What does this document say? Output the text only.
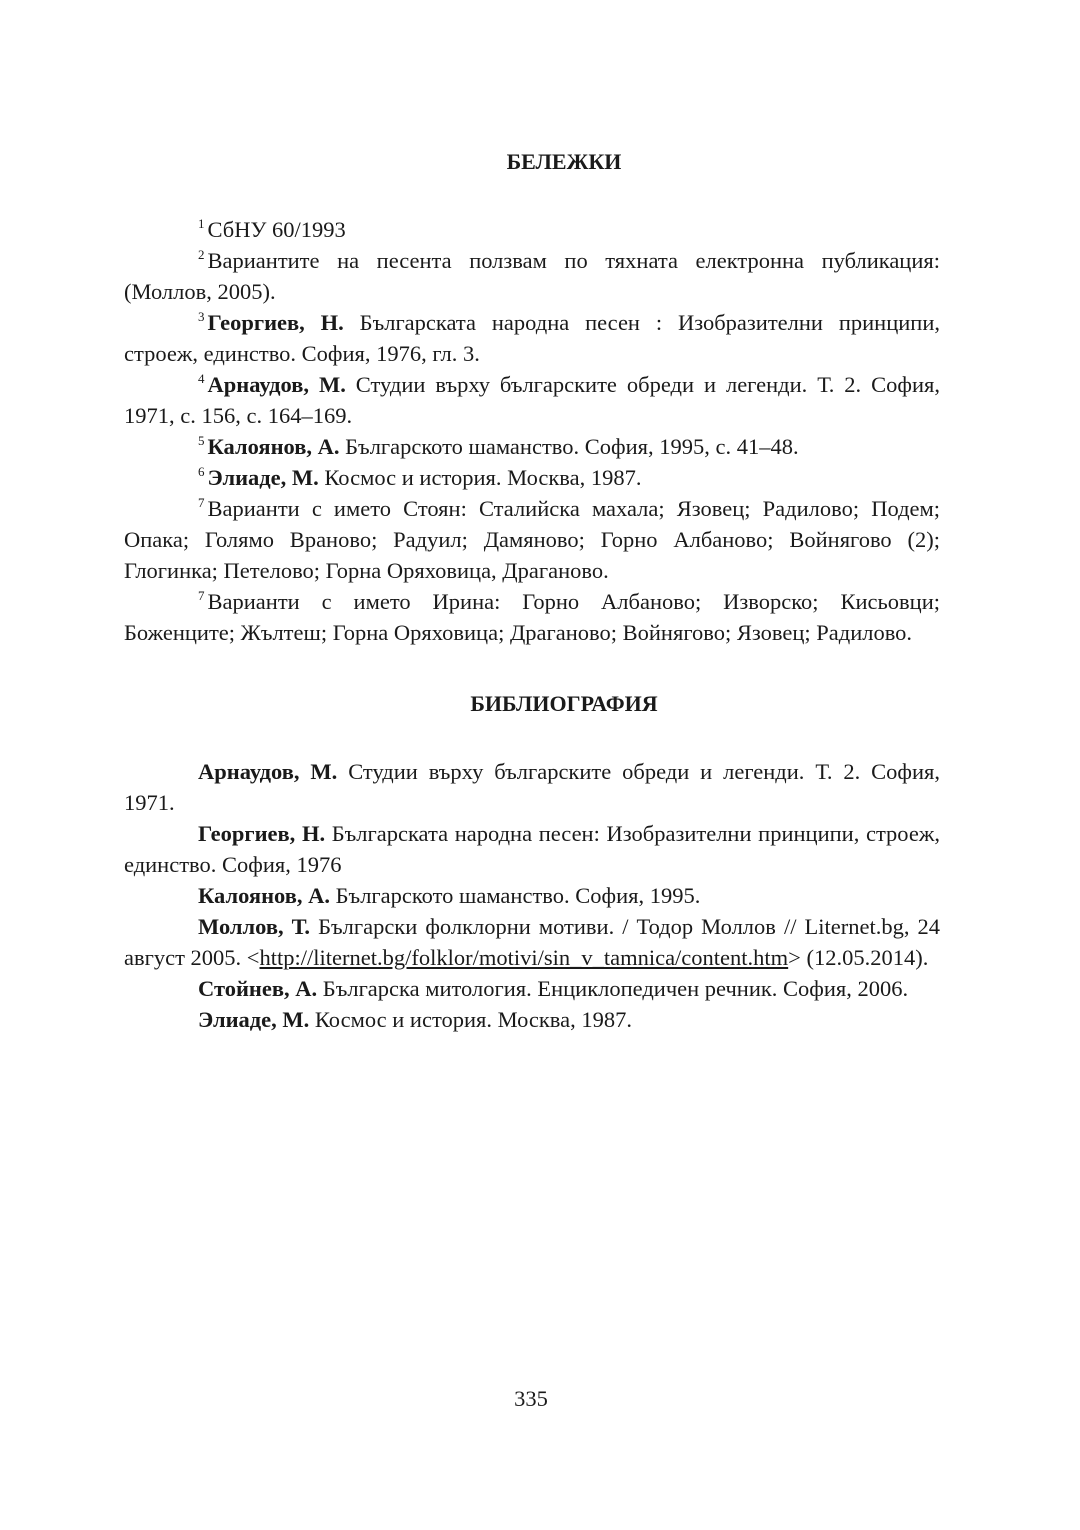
БЕЛЕЖКИ

$^1$ СбНУ 60/1993

$^2$ Вариантите на песента ползвам по тяхната електронна публикация: (Моллов, 2005).

$^3$ Георгиев, Н. Българската народна песен : Изобразителни принципи, строеж, единство. София, 1976, гл. 3.

$^4$ Арнаудов, М. Студии върху българските обреди и легенди. Т. 2. София, 1971, с. 156, с. 164–169.

$^5$ Калоянов, А. Българското шаманство. София, 1995, с. 41–48.

$^6$ Элиаде, М. Космос и история. Москва, 1987.

$^7$ Варианти с името Стоян: Сталийска махала; Язовец; Радилово; Подем; Опака; Голямо Враново; Радуил; Дамяново; Горно Албаново; Войнягово (2); Глогинка; Петелово; Горна Оряховица, Драганово.

$^7$ Варианти с името Ирина: Горно Албаново; Изворско; Кисьовци; Боженците; Жълтеш; Горна Оряховица; Драганово; Войнягово; Язовец; Радилово.

БИБЛИОГРАФИЯ

Арнаудов, М. Студии върху българските обреди и легенди. Т. 2. София, 1971.

Георгиев, Н. Българската народна песен: Изобразителни принципи, строеж, единство. София, 1976

Калоянов, А. Българското шаманство. София, 1995.

Моллов, Т. Български фолклорни мотиви. / Тодор Моллов // Liternet.bg, 24 август 2005. <http://liternet.bg/folklor/motivi/sin_v_tamnica/content.htm> (12.05.2014).

Стойнев, А. Българска митология. Енциклопедичен речник. София, 2006.

Элиаде, М. Космос и история. Москва, 1987.

335
